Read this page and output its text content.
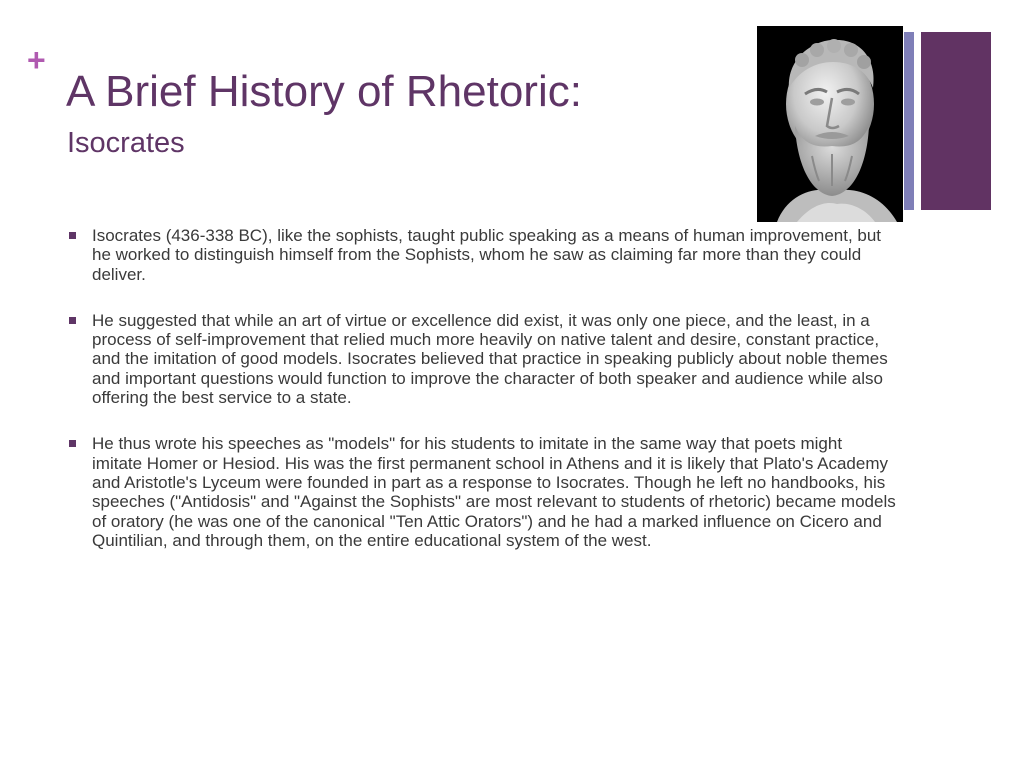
+
A Brief History of Rhetoric:
Isocrates
Isocrates (436-338 BC), like the sophists, taught public speaking as a means of human improvement, but he worked to distinguish himself from the Sophists, whom he saw as claiming far more than they could deliver.
He suggested that while an art of virtue or excellence did exist, it was only one piece, and the least, in a process of self-improvement that relied much more heavily on native talent and desire, constant practice, and the imitation of good models. Isocrates believed that practice in speaking publicly about noble themes and important questions would function to improve the character of both speaker and audience while also offering the best service to a state.
He thus wrote his speeches as "models" for his students to imitate in the same way that poets might imitate Homer or Hesiod. His was the first permanent school in Athens and it is likely that Plato's Academy and Aristotle's Lyceum were founded in part as a response to Isocrates. Though he left no handbooks, his speeches ("Antidosis" and "Against the Sophists" are most relevant to students of rhetoric) became models of oratory (he was one of the canonical "Ten Attic Orators") and he had a marked influence on Cicero and Quintilian, and through them, on the entire educational system of the west.
